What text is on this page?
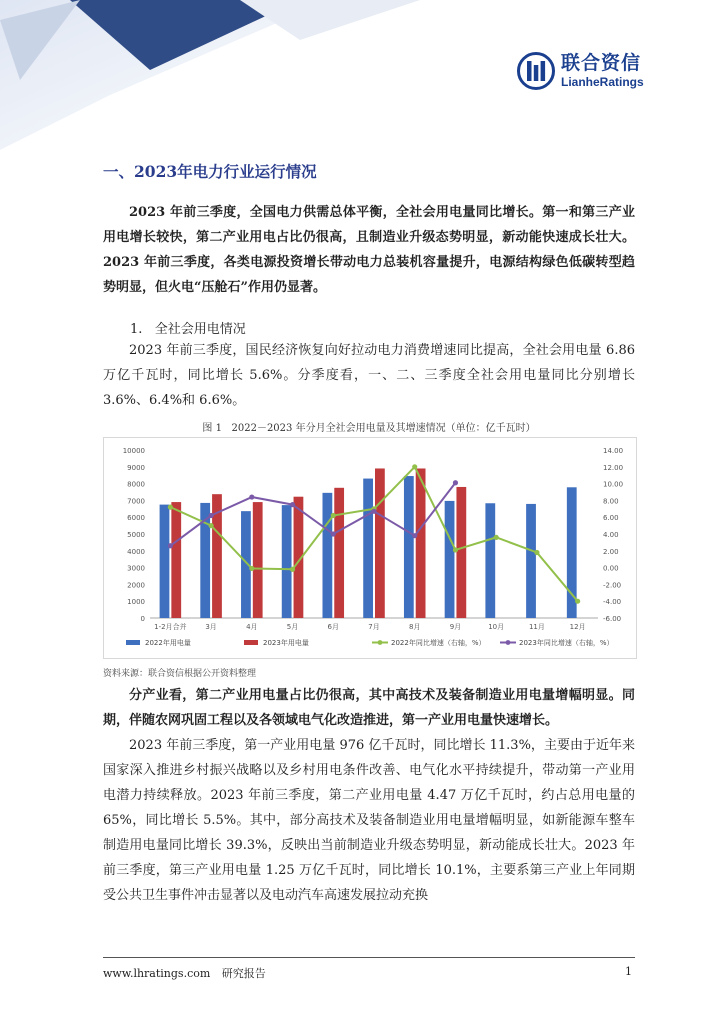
联合资信
LianheRatings
一、2023年电力行业运行情况
2023 年前三季度，全国电力供需总体平衡，全社会用电量同比增长。第一和第三产业用电增长较快，第二产业用电占比仍很高，且制造业升级态势明显，新动能快速成长壮大。2023 年前三季度，各类电源投资增长带动电力总装机容量提升，电源结构绿色低碳转型趋势明显，但火电“压舱石”作用仍显著。
1.   全社会用电情况
2023 年前三季度，国民经济恢复向好拉动电力消费增速同比提高，全社会用电量 6.86 万亿千瓦时，同比增长 5.6%。分季度看，一、二、三季度全社会用电量同比分别增长 3.6%、6.4%和 6.6%。
图 1   2022－2023 年分月全社会用电量及其增速情况（单位：亿千瓦时）
0
1000
2000
3000
4000
5000
6000
7000
8000
9000
10000
-6.00
-4.00
-2.00
0.00
2.00
4.00
6.00
8.00
10.00
12.00
14.00
1-2月合并	3月	4月	5月	6月	7月	8月	9月	10月	11月	12月
2022年用电量	2023年用电量	2022年同比增速（右轴，%）	2023年同比增速（右轴，%）
资料来源：联合资信根据公开资料整理
分产业看，第二产业用电量占比仍很高，其中高技术及装备制造业用电量增幅明显。同期，伴随农网巩固工程以及各领域电气化改造推进，第一产业用电量快速增长。
2023 年前三季度，第一产业用电量 976 亿千瓦时，同比增长 11.3%，主要由于近年来国家深入推进乡村振兴战略以及乡村用电条件改善、电气化水平持续提升，带动第一产业用电潜力持续释放。2023 年前三季度，第二产业用电量 4.47 万亿千瓦时，约占总用电量的 65%，同比增长 5.5%。其中，部分高技术及装备制造业用电量增幅明显，如新能源车整车制造用电量同比增长 39.3%，反映出当前制造业升级态势明显，新动能成长壮大。2023 年前三季度，第三产业用电量 1.25 万亿千瓦时，同比增长 10.1%，主要系第三产业上年同期受公共卫生事件冲击显著以及电动汽车高速发展拉动充换
www.lhratings.com 研究报告	1
